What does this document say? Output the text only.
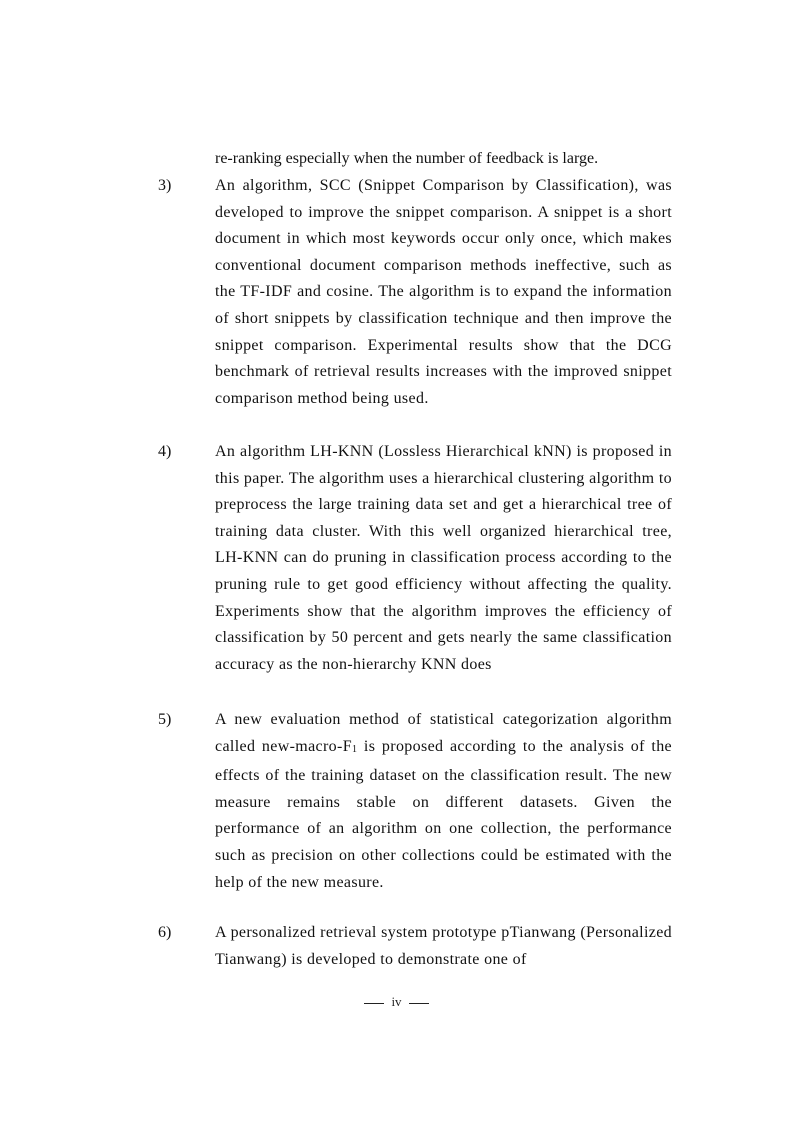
re-ranking especially when the number of feedback is large.
3)	An algorithm, SCC (Snippet Comparison by Classification), was developed to improve the snippet comparison. A snippet is a short document in which most keywords occur only once, which makes conventional document comparison methods ineffective, such as the TF-IDF and cosine. The algorithm is to expand the information of short snippets by classification technique and then improve the snippet comparison. Experimental results show that the DCG benchmark of retrieval results increases with the improved snippet comparison method being used.
4)	An algorithm LH-KNN (Lossless Hierarchical kNN) is proposed in this paper. The algorithm uses a hierarchical clustering algorithm to preprocess the large training data set and get a hierarchical tree of training data cluster. With this well organized hierarchical tree, LH-KNN can do pruning in classification process according to the pruning rule to get good efficiency without affecting the quality. Experiments show that the algorithm improves the efficiency of classification by 50 percent and gets nearly the same classification accuracy as the non-hierarchy KNN does
5)	A new evaluation method of statistical categorization algorithm called new-macro-F1 is proposed according to the analysis of the effects of the training dataset on the classification result. The new measure remains stable on different datasets. Given the performance of an algorithm on one collection, the performance such as precision on other collections could be estimated with the help of the new measure.
6)	A personalized retrieval system prototype pTianwang (Personalized Tianwang) is developed to demonstrate one of
iv
